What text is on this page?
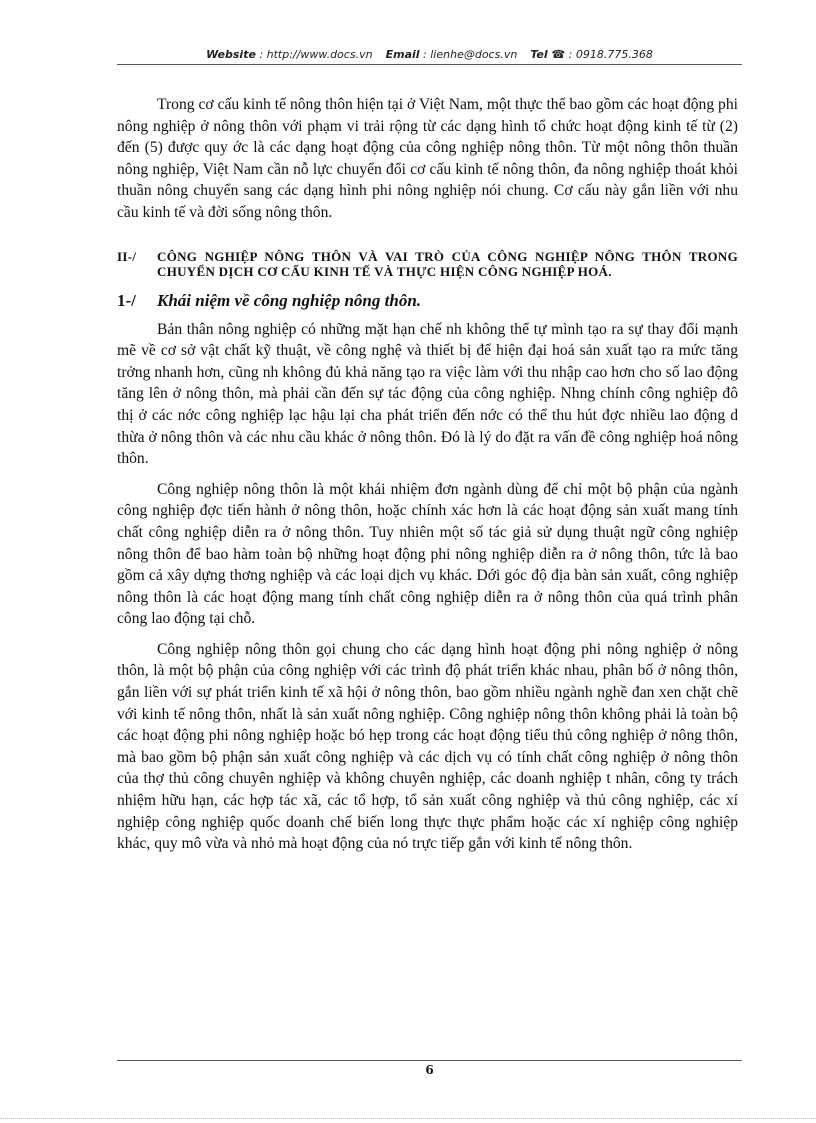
Website : http://www.docs.vn Email : lienhe@docs.vn Tel ☎ : 0918.775.368

Trong cơ cấu kinh tế nông thôn hiện tại ở Việt Nam, một thực thể bao gồm các hoạt động phi nông nghiệp ở nông thôn với phạm vi trải rộng từ các dạng hình tổ chức hoạt động kinh tế từ (2) đến (5) được quy ớc là các dạng hoạt động của công nghiệp nông thôn. Từ một nông thôn thuần nông nghiệp, Việt Nam cần nỗ lực chuyển đổi cơ cấu kinh tế nông thôn, đa nông nghiệp thoát khỏi thuần nông chuyển sang các dạng hình phi nông nghiệp nói chung. Cơ cấu này gắn liền với nhu cầu kinh tế và đời sống nông thôn.

II-/	CÔNG NGHIỆP NÔNG THÔN VÀ VAI TRÒ CỦA CÔNG NGHIỆP NÔNG THÔN TRONG CHUYỂN DỊCH CƠ CẤU KINH TẾ VÀ THỰC HIỆN CÔNG NGHIỆP HOÁ.
1-/	Khái niệm về công nghiệp nông thôn.

Bản thân nông nghiệp có những mặt hạn chế nh không thể tự mình tạo ra sự thay đổi mạnh mẽ về cơ sở vật chất kỹ thuật, về công nghệ và thiết bị để hiện đại hoá sản xuất tạo ra mức tăng trởng nhanh hơn, cũng nh không đủ khả năng tạo ra việc làm với thu nhập cao hơn cho số lao động tăng lên ở nông thôn, mà phải cần đến sự tác động của công nghiệp. Nhng chính công nghiệp đô thị ở các nớc công nghiệp lạc hậu lại cha phát triển đến nớc có thể thu hút đợc nhiều lao động d thừa ở nông thôn và các nhu cầu khác ở nông thôn. Đó là lý do đặt ra vấn đề công nghiệp hoá nông thôn.

Công nghiệp nông thôn là một khái nhiệm đơn ngành dùng để chỉ một bộ phận của ngành công nghiệp đợc tiến hành ở nông thôn, hoặc chính xác hơn là các hoạt động sản xuất mang tính chất công nghiệp diễn ra ở nông thôn. Tuy nhiên một số tác giả sử dụng thuật ngữ công nghiệp nông thôn để bao hàm toàn bộ những hoạt động phi nông nghiệp diễn ra ở nông thôn, tức là bao gồm cả xây dựng thơng nghiệp và các loại dịch vụ khác. Dới góc độ địa bàn sản xuất, công nghiệp nông thôn là các hoạt động mang tính chất công nghiệp diễn ra ở nông thôn của quá trình phân công lao động tại chỗ.

Công nghiệp nông thôn gọi chung cho các dạng hình hoạt động phi nông nghiệp ở nông thôn, là một bộ phận của công nghiệp với các trình độ phát triển khác nhau, phân bố ở nông thôn, gắn liền với sự phát triển kinh tế xã hội ở nông thôn, bao gồm nhiều ngành nghề đan xen chặt chẽ với kinh tế nông thôn, nhất là sản xuất nông nghiệp. Công nghiệp nông thôn không phải là toàn bộ các hoạt động phi nông nghiệp hoặc bó hẹp trong các hoạt động tiểu thủ công nghiệp ở nông thôn, mà bao gồm bộ phận sản xuất công nghiệp và các dịch vụ có tính chất công nghiệp ở nông thôn của thợ thủ công chuyên nghiệp và không chuyên nghiệp, các doanh nghiệp t nhân, công ty trách nhiệm hữu hạn, các hợp tác xã, các tổ hợp, tổ sản xuất công nghiệp và thủ công nghiệp, các xí nghiệp công nghiệp quốc doanh chế biến long thực thực phẩm hoặc các xí nghiệp công nghiệp khác, quy mô vừa và nhỏ mà hoạt động của nó trực tiếp gắn với kinh tế nông thôn.

6
